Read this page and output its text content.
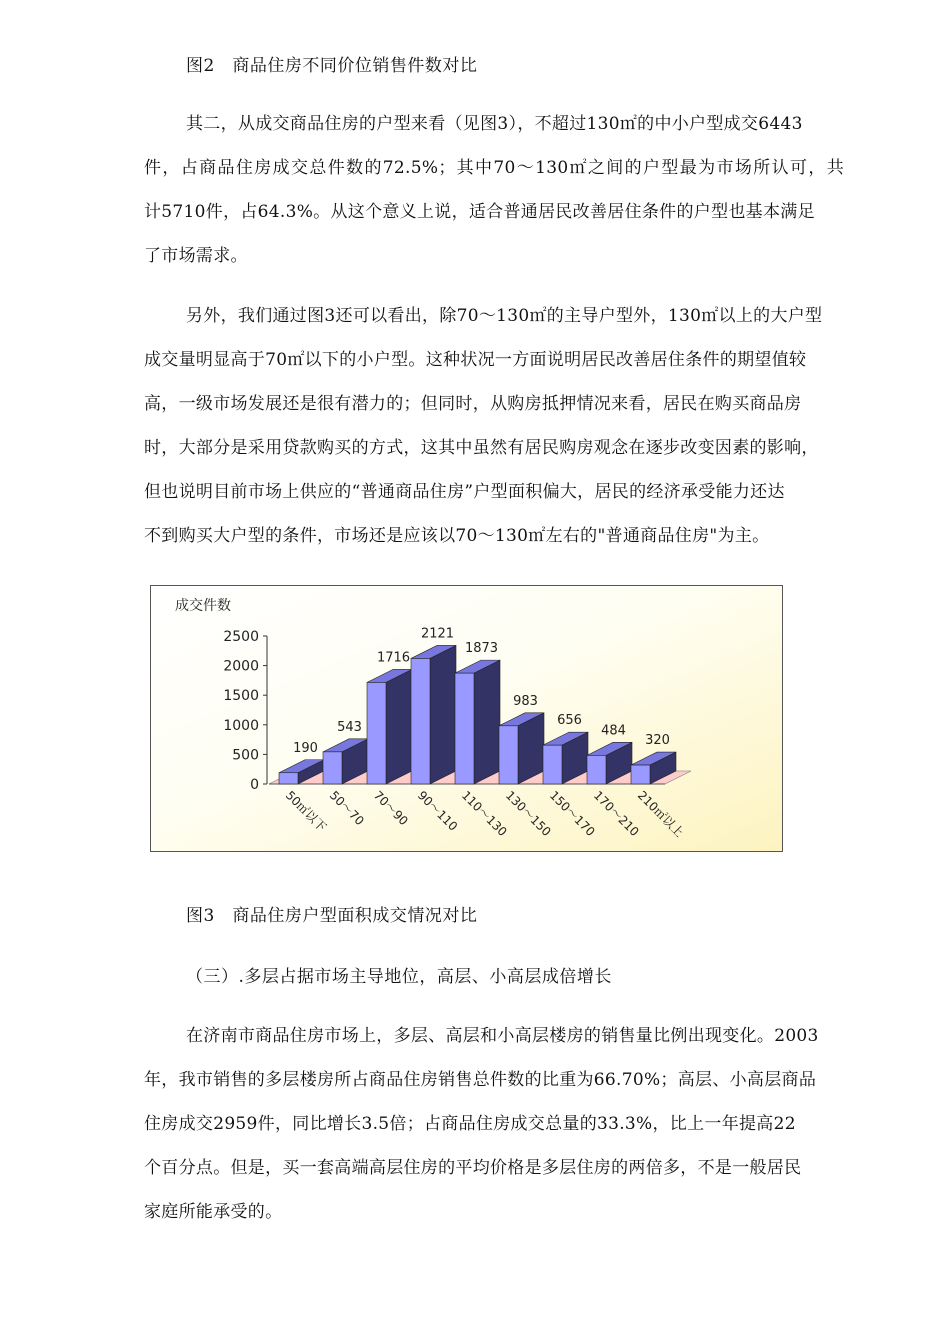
图2　商品住房不同价位销售件数对比
其二，从成交商品住房的户型来看（见图3），不超过130㎡的中小户型成交6443
件，占商品住房成交总件数的72.5%；其中70～130㎡之间的户型最为市场所认可，共
计5710件，占64.3%。从这个意义上说，适合普通居民改善居住条件的户型也基本满足
了市场需求。
另外，我们通过图3还可以看出，除70～130㎡的主导户型外，130㎡以上的大户型
成交量明显高于70㎡以下的小户型。这种状况一方面说明居民改善居住条件的期望值较
高，一级市场发展还是很有潜力的；但同时，从购房抵押情况来看，居民在购买商品房
时，大部分是采用贷款购买的方式，这其中虽然有居民购房观念在逐步改变因素的影响，
但也说明目前市场上供应的“普通商品住房”户型面积偏大，居民的经济承受能力还达
不到购买大户型的条件，市场还是应该以70～130㎡左右的"普通商品住房"为主。
成交件数
0
500
1000
1500
2000
2500
190
50㎡以下
543
50～70
1716
70～90
2121
90～110
1873
110～130
983
130～150
656
150～170
484
170～210
320
210㎡以上
图3　商品住房户型面积成交情况对比
（三）.多层占据市场主导地位，高层、小高层成倍增长
在济南市商品住房市场上，多层、高层和小高层楼房的销售量比例出现变化。2003
年，我市销售的多层楼房所占商品住房销售总件数的比重为66.70%；高层、小高层商品
住房成交2959件，同比增长3.5倍；占商品住房成交总量的33.3%，比上一年提高22
个百分点。但是，买一套高端高层住房的平均价格是多层住房的两倍多，不是一般居民
家庭所能承受的。
